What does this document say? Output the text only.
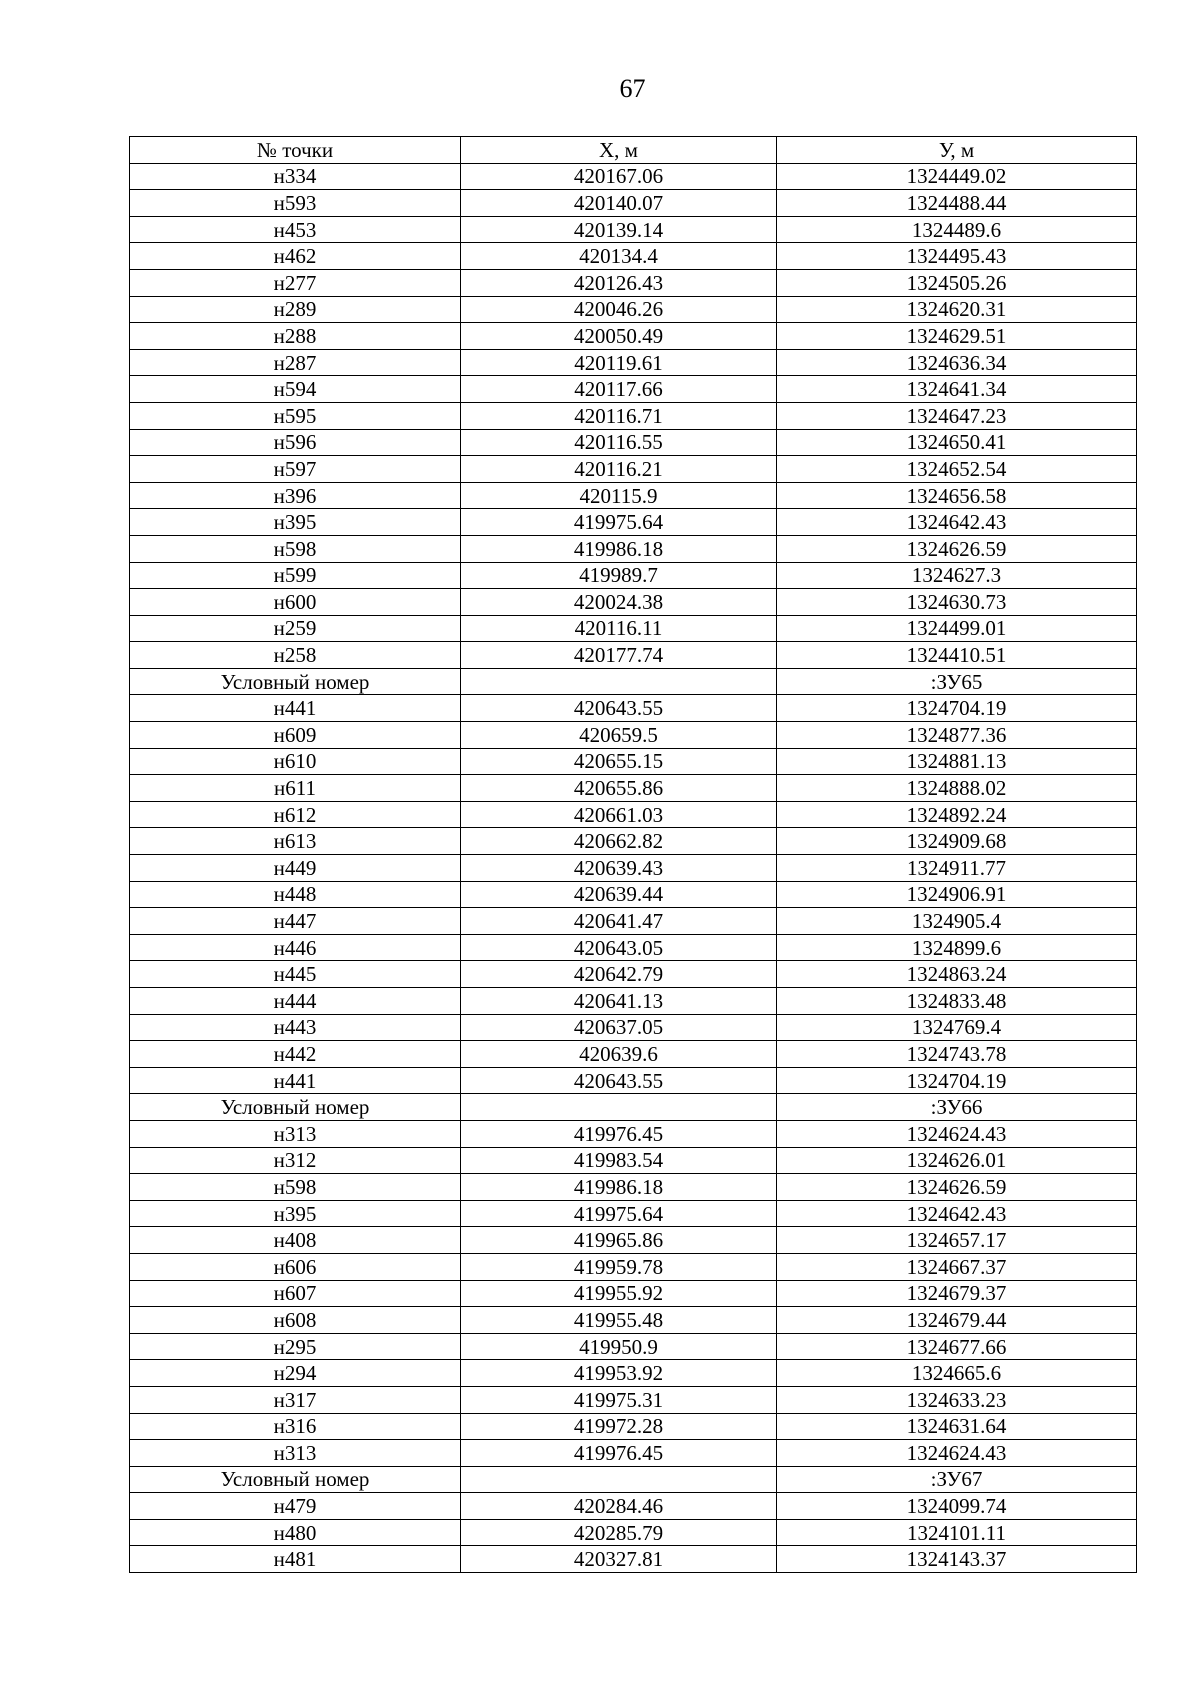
67
№ точки	Х, м	У, м
н334	420167.06	1324449.02
н593	420140.07	1324488.44
н453	420139.14	1324489.6
н462	420134.4	1324495.43
н277	420126.43	1324505.26
н289	420046.26	1324620.31
н288	420050.49	1324629.51
н287	420119.61	1324636.34
н594	420117.66	1324641.34
н595	420116.71	1324647.23
н596	420116.55	1324650.41
н597	420116.21	1324652.54
н396	420115.9	1324656.58
н395	419975.64	1324642.43
н598	419986.18	1324626.59
н599	419989.7	1324627.3
н600	420024.38	1324630.73
н259	420116.11	1324499.01
н258	420177.74	1324410.51
Условный номер		:ЗУ65
н441	420643.55	1324704.19
н609	420659.5	1324877.36
н610	420655.15	1324881.13
н611	420655.86	1324888.02
н612	420661.03	1324892.24
н613	420662.82	1324909.68
н449	420639.43	1324911.77
н448	420639.44	1324906.91
н447	420641.47	1324905.4
н446	420643.05	1324899.6
н445	420642.79	1324863.24
н444	420641.13	1324833.48
н443	420637.05	1324769.4
н442	420639.6	1324743.78
н441	420643.55	1324704.19
Условный номер		:ЗУ66
н313	419976.45	1324624.43
н312	419983.54	1324626.01
н598	419986.18	1324626.59
н395	419975.64	1324642.43
н408	419965.86	1324657.17
н606	419959.78	1324667.37
н607	419955.92	1324679.37
н608	419955.48	1324679.44
н295	419950.9	1324677.66
н294	419953.92	1324665.6
н317	419975.31	1324633.23
н316	419972.28	1324631.64
н313	419976.45	1324624.43
Условный номер		:ЗУ67
н479	420284.46	1324099.74
н480	420285.79	1324101.11
н481	420327.81	1324143.37
